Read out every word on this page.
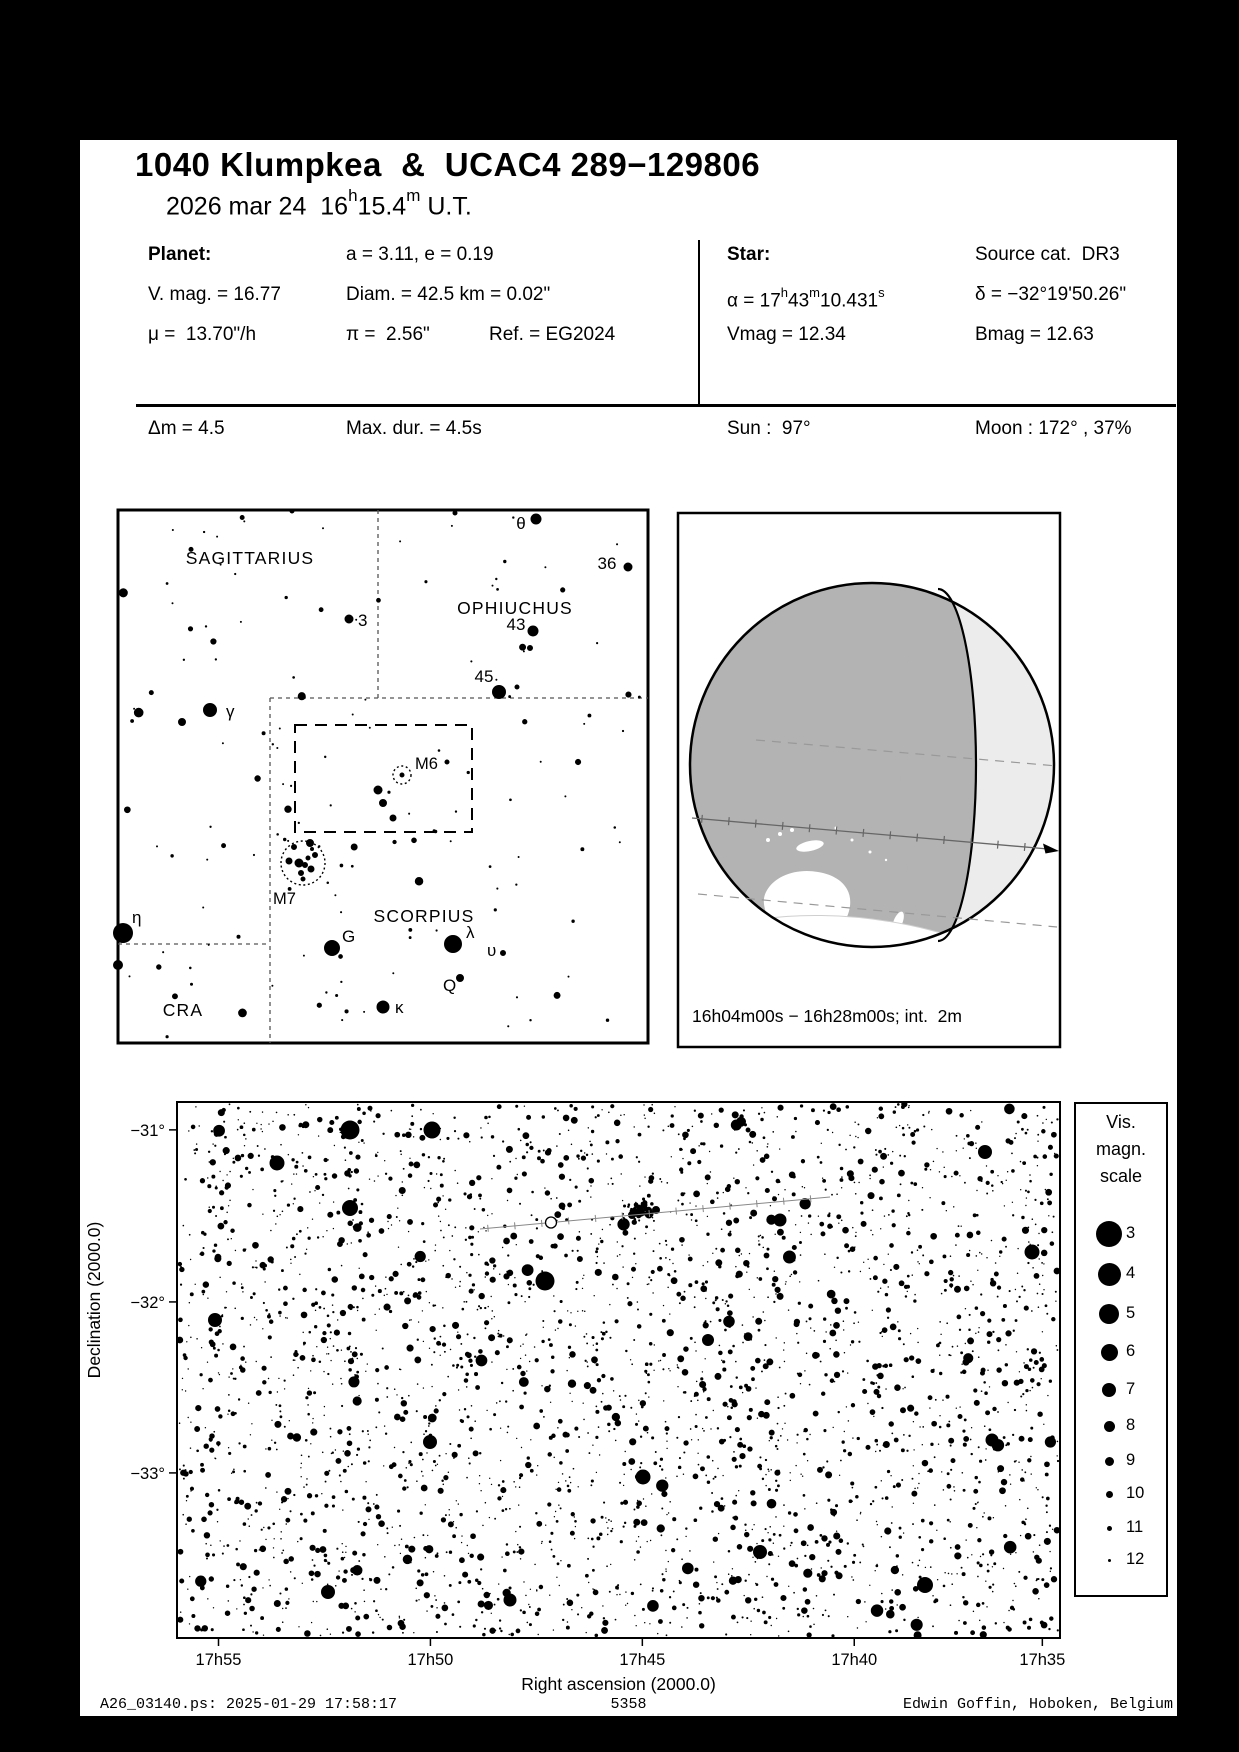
1040 Klumpkea  &  UCAC4 289−129806
2026 mar 24  16$^h$15.4$^m$ U.T.
Planet:	a = 3.11, e = 0.19	Star:	Source cat.  DR3
V. mag. = 16.77	Diam. = 42.5 km = 0.02"	$\alpha = 17^h43^m10.431^s$	δ = −32°19'50.26"
μ =  13.70"/h	π =  2.56"	Ref. = EG2024	Vmag = 12.34	Bmag = 12.63
Δm = 4.5	Max. dur. = 4.5s	Sun :  97°	Moon : 172° , 37%
M6
M7
SAGITTARIUS
OPHIUCHUS
SCORPIUS
CRA
θ
36
3	43
45
γ
η
G	λ
υ
Q
κ
17h55	17h50	17h45	17h40	17h35
−31°
−32°
−33°
16h04m00s − 16h28m00s; int.  2m
Right ascension (2000.0)
Declination (2000.0)
Vis.
magn.
scale
3
4
5
6
7
8
9
10
11
12
A26_03140.ps: 2025-01-29 17:58:17	5358	Edwin Goffin, Hoboken, Belgium
